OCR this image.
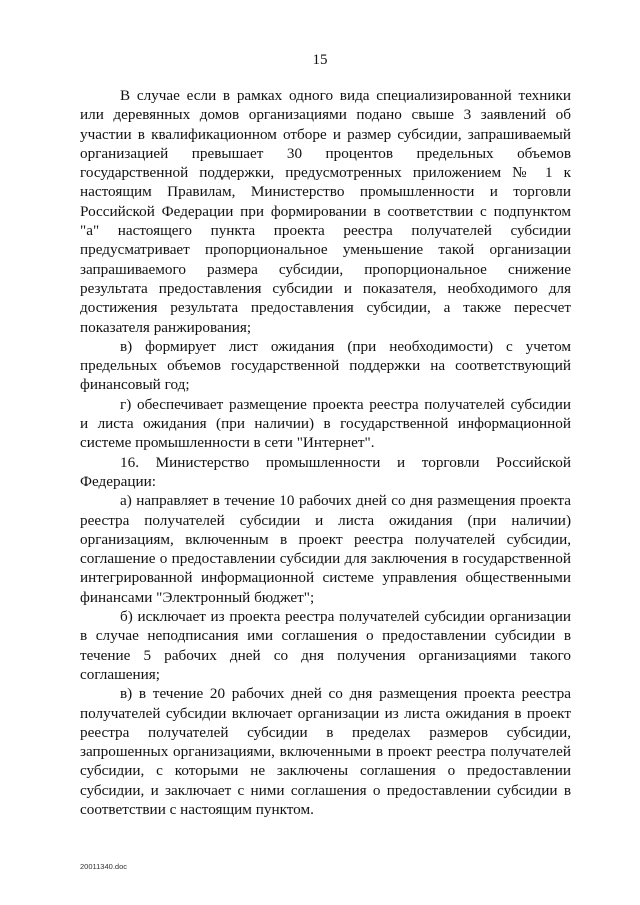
15

В случае если в рамках одного вида специализированной техники или деревянных домов организациями подано свыше 3 заявлений об участии в квалификационном отборе и размер субсидии, запрашиваемый организацией превышает 30 процентов предельных объемов государственной поддержки, предусмотренных приложением № 1 к настоящим Правилам, Министерство промышленности и торговли Российской Федерации при формировании в соответствии с подпунктом "а" настоящего пункта проекта реестра получателей субсидии предусматривает пропорциональное уменьшение такой организации запрашиваемого размера субсидии, пропорциональное снижение результата предоставления субсидии и показателя, необходимого для достижения результата предоставления субсидии, а также пересчет показателя ранжирования;

в) формирует лист ожидания (при необходимости) с учетом предельных объемов государственной поддержки на соответствующий финансовый год;

г) обеспечивает размещение проекта реестра получателей субсидии и листа ожидания (при наличии) в государственной информационной системе промышленности в сети "Интернет".

16. Министерство промышленности и торговли Российской Федерации:

а) направляет в течение 10 рабочих дней со дня размещения проекта реестра получателей субсидии и листа ожидания (при наличии) организациям, включенным в проект реестра получателей субсидии, соглашение о предоставлении субсидии для заключения в государственной интегрированной информационной системе управления общественными финансами "Электронный бюджет";

б) исключает из проекта реестра получателей субсидии организации в случае неподписания ими соглашения о предоставлении субсидии в течение 5 рабочих дней со дня получения организациями такого соглашения;

в) в течение 20 рабочих дней со дня размещения проекта реестра получателей субсидии включает организации из листа ожидания в проект реестра получателей субсидии в пределах размеров субсидии, запрошенных организациями, включенными в проект реестра получателей субсидии, с которыми не заключены соглашения о предоставлении субсидии, и заключает с ними соглашения о предоставлении субсидии в соответствии с настоящим пунктом.

20011340.doc
